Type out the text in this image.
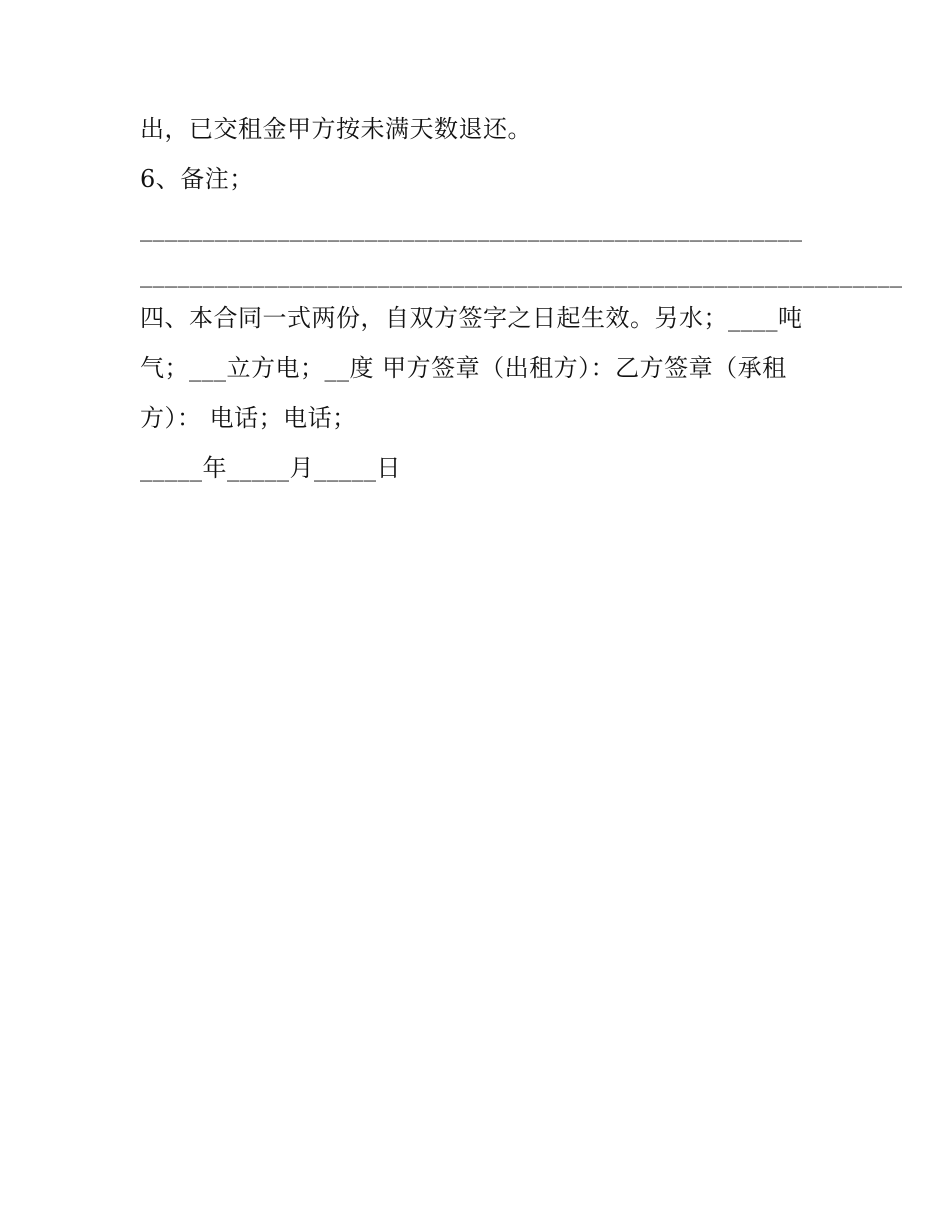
出，已交租金甲方按未满天数退还。
6、备注；
_____________________________________________________
_____________________________________________________________
四、本合同一式两份，自双方签字之日起生效。另水；____吨
气；___立方电；__度 甲方签章（出租方）：乙方签章（承租
方）： 电话；电话；
_____年_____月_____日
